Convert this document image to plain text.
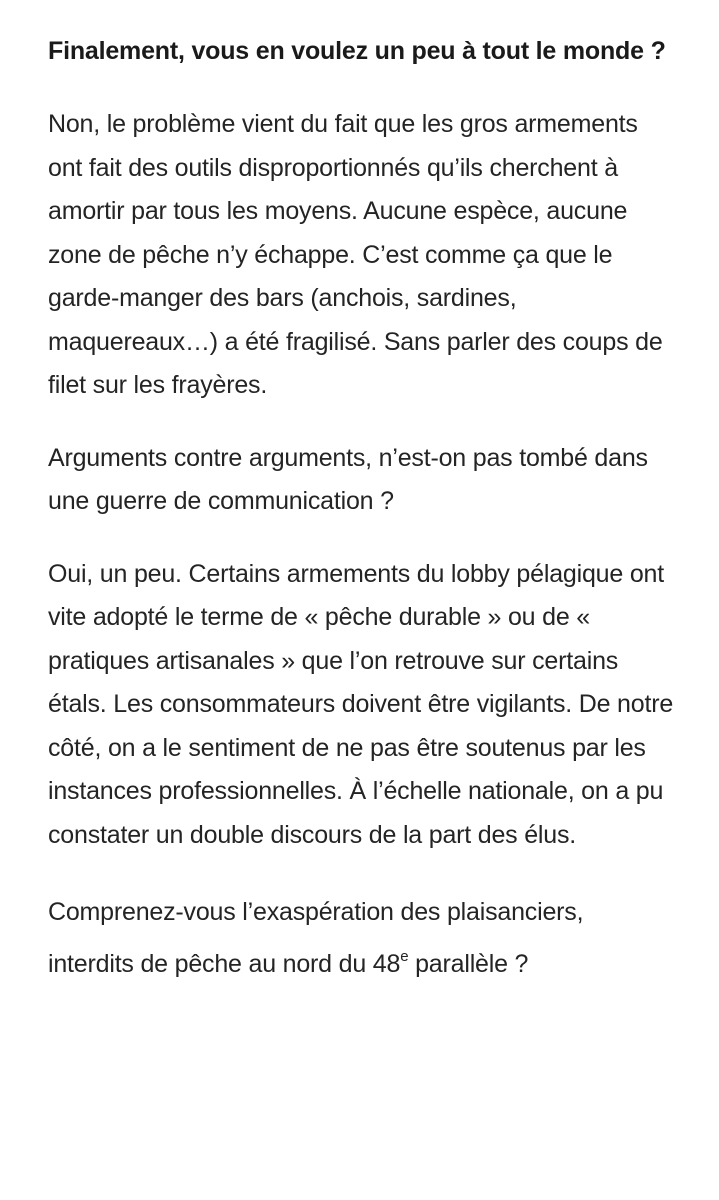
Finalement, vous en voulez un peu à tout le monde ?

Non, le problème vient du fait que les gros armements ont fait des outils disproportionnés qu’ils cherchent à amortir par tous les moyens. Aucune espèce, aucune zone de pêche n’y échappe. C’est comme ça que le garde-manger des bars (anchois, sardines, maquereaux…) a été fragilisé. Sans parler des coups de filet sur les frayères.

Arguments contre arguments, n’est-on pas tombé dans une guerre de communication ?

Oui, un peu. Certains armements du lobby pélagique ont vite adopté le terme de « pêche durable » ou de « pratiques artisanales » que l’on retrouve sur certains étals. Les consommateurs doivent être vigilants. De notre côté, on a le sentiment de ne pas être soutenus par les instances professionnelles. À l’échelle nationale, on a pu constater un double discours de la part des élus.

Comprenez-vous l’exaspération des plaisanciers, interdits de pêche au nord du 48e parallèle ?
